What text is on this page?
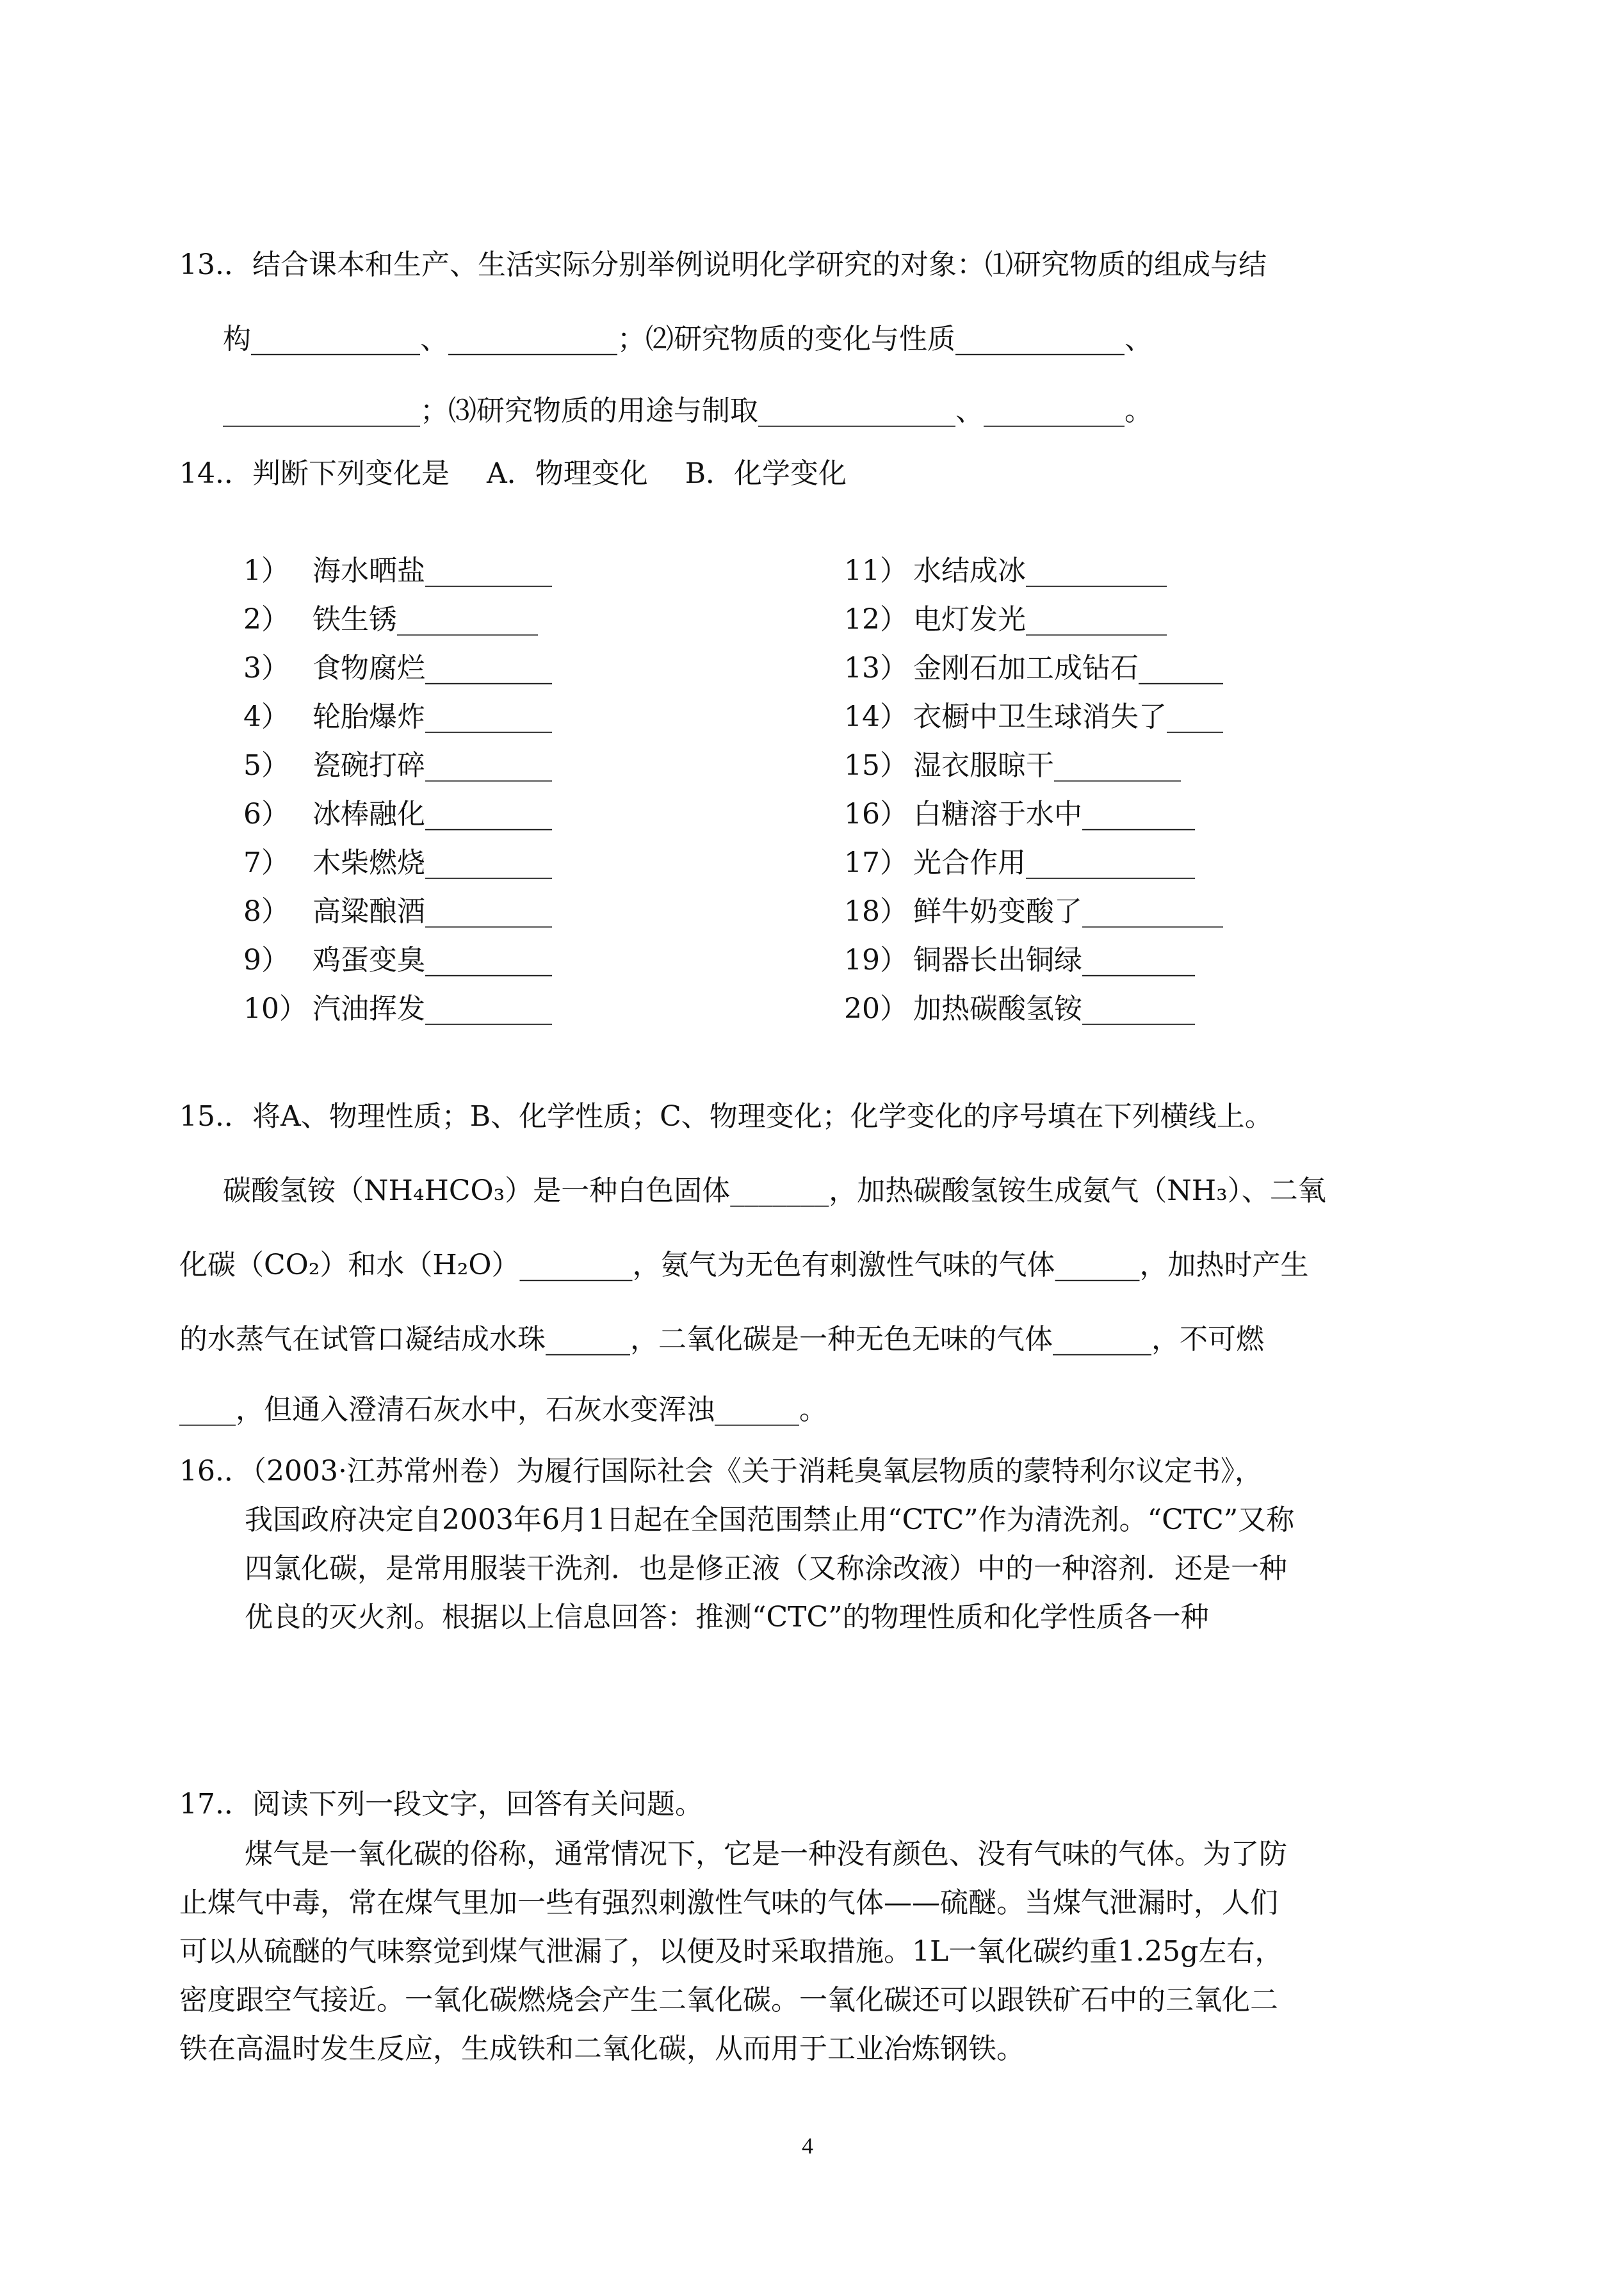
13.．结合课本和生产、生活实际分别举例说明化学研究的对象：⑴研究物质的组成与结
构____________、____________；⑵研究物质的变化与性质____________、
______________；⑶研究物质的用途与制取______________、__________。
14.．判断下列变化是　 A．物理变化　 B．化学变化
1） 海水晒盐_________
2） 铁生锈__________
3） 食物腐烂_________
4） 轮胎爆炸_________
5） 瓷碗打碎_________
6） 冰棒融化_________
7） 木柴燃烧_________
8） 高粱酿酒_________
9） 鸡蛋变臭_________
10） 汽油挥发_________
11） 水结成冰__________
12） 电灯发光__________
13） 金刚石加工成钻石______
14） 衣橱中卫生球消失了____
15） 湿衣服晾干_________
16） 白糖溶于水中________
17） 光合作用____________
18） 鲜牛奶变酸了__________
19） 铜器长出铜绿________
20） 加热碳酸氢铵________
15.．将A、物理性质；B、化学性质；C、物理变化；化学变化的序号填在下列横线上。
碳酸氢铵（NH₄HCO₃）是一种白色固体_______，加热碳酸氢铵生成氨气（NH₃）、二氧
化碳（CO₂）和水（H₂O）________，氨气为无色有刺激性气味的气体______，加热时产生
的水蒸气在试管口凝结成水珠______，二氧化碳是一种无色无味的气体_______，不可燃
____，但通入澄清石灰水中，石灰水变浑浊______。
16.．（2003·江苏常州卷）为履行国际社会《关于消耗臭氧层物质的蒙特利尔议定书》，
我国政府决定自2003年6月1日起在全国范围禁止用“CTC”作为清洗剂。“CTC”又称
四氯化碳，是常用服装干洗剂．也是修正液（又称涂改液）中的一种溶剂．还是一种
优良的灭火剂。根据以上信息回答：推测“CTC”的物理性质和化学性质各一种
17.．阅读下列一段文字，回答有关问题。
煤气是一氧化碳的俗称，通常情况下，它是一种没有颜色、没有气味的气体。为了防
止煤气中毒，常在煤气里加一些有强烈刺激性气味的气体——硫醚。当煤气泄漏时，人们
可以从硫醚的气味察觉到煤气泄漏了，以便及时采取措施。1L一氧化碳约重1.25g左右，
密度跟空气接近。一氧化碳燃烧会产生二氧化碳。一氧化碳还可以跟铁矿石中的三氧化二
铁在高温时发生反应，生成铁和二氧化碳，从而用于工业冶炼钢铁。
4
